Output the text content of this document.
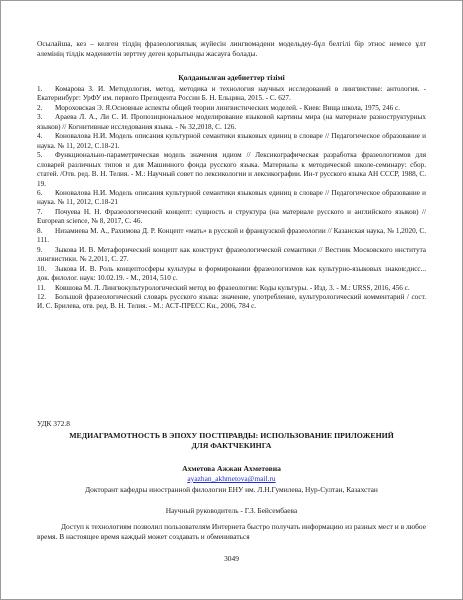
Осылайша, кез – келген тілдің фразеологиялық жүйесін лингвомәдени модельдеу-бұл белгілі бір этнос немесе ұлт әлемінің тілдік мәдениетін зерттеу деген қорытынды жасауға болады.

Қолданылған әдебиеттер тізімі
1. Комарова З. И. Методология, метод, методика и технология научных исследований в лингвистике: антология. - Екатеринбург: УрФУ им. первого Президента России Б. Н. Ельцина, 2015. - С. 627.
2. Мороховская Э. Я.Основные аспекты общей теории лингвистических моделей. - Киев: Вища школа, 1975, 246 с.
3. Араева Л. А., Ли С. И. Пропозициональное моделирование языковой картины мира (на материале разноструктурных языков) // Когнитивные исследования языка. - № 32,2018, С. 126.
4. Коновалова Н.И. Модель описания культурной семантики языковых единиц в словаре // Педагогическое образование и наука. № 11, 2012, С.18-21.
5. Функционально-параметрическая модель значения идиом // Лексикографическая разработка фразеологизмов для словарей различных типов и для Машинного фонда русского языка. Материалы к методической школе-семинару: сбор. статей. /Отв. ред. В. Н. Телия. - М.: Научный совет по лексикологии и лексикографии. Ин-т русского языка АН СССР, 1988, С. 19.
6. Коновалова Н.И. Модель описания культурной семантики языковых единиц в словаре // Педагогическое образование и наука. № 11, 2012, С.18-21
7. Почуева Н. Н. Фразеологический концепт: сущность и структура (на материале русского и английского языков) // European science, № 8, 2017, С. 46.
8. Низамиева М. А., Рахимова Д. Р. Концепт «мать» в русской и французской фразеологии // Казанская наука, № 1,2020, С. 111.
9. Зыкова И. В. Метафорический концепт как конструкт фразеологической семантики // Вестник Московского института лингвистики. № 2,2011, С. 27.
10. Зыкова И. В. Роль концептосферы культуры в формировании фразеологизмов как культурно-языковых знаков:дисс... док. филолог. наук: 10.02.19. - М., 2014, 510 с.
11. Ковшова М. Л. Лингвокультурологический метод во фразеологии: Коды культуры. - Изд. 3. - М.: URSS, 2016, 456 с.
12. Большой фразеологический словарь русского языка: значение, употребление, культурологический комментарий / сост. И. С. Брилева, отв. ред. В. Н. Телия. - М.: АСТ-ПРЕСС Кн., 2006, 784 с.
УДК 372.8
МЕДИАГРАМОТНОСТЬ В ЭПОХУ ПОСТПРАВДЫ: ИСПОЛЬЗОВАНИЕ ПРИЛОЖЕНИЙ ДЛЯ ФАКТЧЕКИНГА
Ахметова Ажжан Ахметовна
ayazhan_akhmetova@mail.ru
Докторант кафедры иностранной филологии ЕНУ им. Л.Н.Гумилева, Нур-Султан, Казахстан
Научный руководитель - Г.З. Бейсембаева

Доступ к технологиям позволил пользователям Интернета быстро получать информацию из разных мест и в любое время. В настоящее время каждый может создавать и обмениваться

3049
